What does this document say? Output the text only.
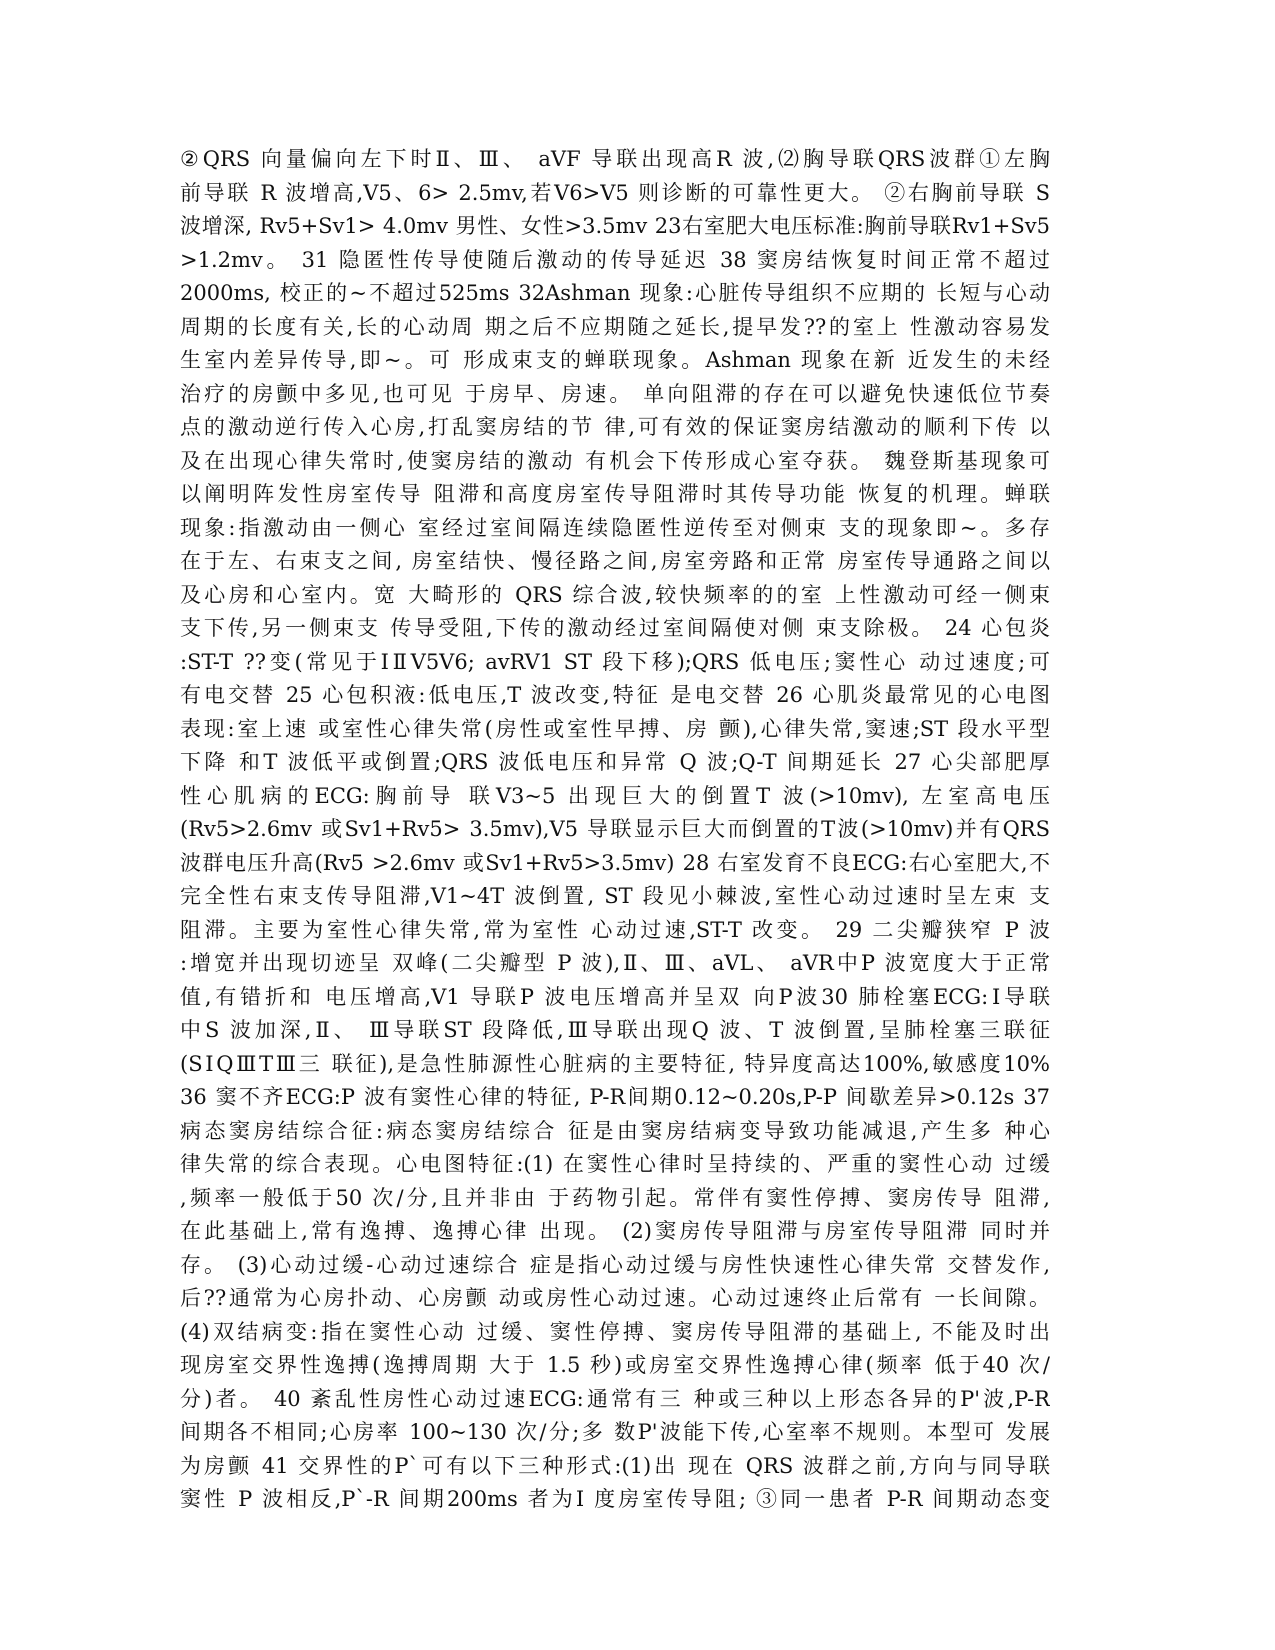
②QRS 向量偏向左下时Ⅱ、Ⅲ、 aVF 导联出现高R 波,⑵胸导联QRS波群①左胸
前导联 R 波增高,V5、6> 2.5mv,若V6>V5 则诊断的可靠性更大。 ②右胸前导联 S
波增深, Rv5+Sv1> 4.0mv 男性、女性>3.5mv 23右室肥大电压标准:胸前导联Rv1+Sv5
>1.2mv。 31 隐匿性传导使随后激动的传导延迟 38 窦房结恢复时间正常不超过
2000ms, 校正的~不超过525ms 32Ashman 现象:心脏传导组织不应期的 长短与心动
周期的长度有关,长的心动周 期之后不应期随之延长,提早发??的室上 性激动容易发
生室内差异传导,即~。可 形成束支的蝉联现象。Ashman 现象在新 近发生的未经
治疗的房颤中多见,也可见 于房早、房速。 单向阻滞的存在可以避免快速低位节奏
点的激动逆行传入心房,打乱窦房结的节 律,可有效的保证窦房结激动的顺利下传 以
及在出现心律失常时,使窦房结的激动 有机会下传形成心室夺获。 魏登斯基现象可
以阐明阵发性房室传导 阻滞和高度房室传导阻滞时其传导功能 恢复的机理。蝉联
现象:指激动由一侧心 室经过室间隔连续隐匿性逆传至对侧束 支的现象即~。多存
在于左、右束支之间, 房室结快、慢径路之间,房室旁路和正常 房室传导通路之间以
及心房和心室内。宽 大畸形的 QRS 综合波,较快频率的的室 上性激动可经一侧束
支下传,另一侧束支 传导受阻,下传的激动经过室间隔使对侧 束支除极。 24 心包炎
:ST-T ??变(常见于ⅠⅡV5V6; avRV1 ST 段下移);QRS 低电压;窦性心 动过速度;可
有电交替 25 心包积液:低电压,T 波改变,特征 是电交替 26 心肌炎最常见的心电图
表现:室上速 或室性心律失常(房性或室性早搏、房 颤),心律失常,窦速;ST 段水平型
下降 和T 波低平或倒置;QRS 波低电压和异常 Q 波;Q-T 间期延长 27 心尖部肥厚
性心肌病的ECG:胸前导 联V3~5 出现巨大的倒置T 波(>10mv), 左室高电压
(Rv5>2.6mv 或Sv1+Rv5> 3.5mv),V5 导联显示巨大而倒置的T波(>10mv)并有QRS
波群电压升高(Rv5 >2.6mv 或Sv1+Rv5>3.5mv) 28 右室发育不良ECG:右心室肥大,不
完全性右束支传导阻滞,V1~4T 波倒置, ST 段见小棘波,室性心动过速时呈左束 支
阻滞。主要为室性心律失常,常为室性 心动过速,ST-T 改变。 29 二尖瓣狭窄 P 波
:增宽并出现切迹呈 双峰(二尖瓣型 P 波),Ⅱ、Ⅲ、aVL、 aVR中P 波宽度大于正常
值,有错折和 电压增高,V1 导联P 波电压增高并呈双 向P波30 肺栓塞ECG:Ⅰ导联
中S 波加深,Ⅱ、 Ⅲ导联ST 段降低,Ⅲ导联出现Q 波、T 波倒置,呈肺栓塞三联征
(SⅠQⅢTⅢ三 联征),是急性肺源性心脏病的主要特征, 特异度高达100%,敏感度10%
36 窦不齐ECG:P 波有窦性心律的特征, P-R间期0.12~0.20s,P-P 间歇差异>0.12s 37
病态窦房结综合征:病态窦房结综合 征是由窦房结病变导致功能减退,产生多 种心
律失常的综合表现。心电图特征:(1) 在窦性心律时呈持续的、严重的窦性心动 过缓
,频率一般低于50 次/分,且并非由 于药物引起。常伴有窦性停搏、窦房传导 阻滞,
在此基础上,常有逸搏、逸搏心律 出现。 (2)窦房传导阻滞与房室传导阻滞 同时并
存。 (3)心动过缓-心动过速综合 症是指心动过缓与房性快速性心律失常 交替发作,
后??通常为心房扑动、心房颤 动或房性心动过速。心动过速终止后常有 一长间隙。
(4)双结病变:指在窦性心动 过缓、窦性停搏、窦房传导阻滞的基础上, 不能及时出
现房室交界性逸搏(逸搏周期 大于 1.5 秒)或房室交界性逸搏心律(频率 低于40 次/
分)者。 40 紊乱性房性心动过速ECG:通常有三 种或三种以上形态各异的P'波,P-R
间期各不相同;心房率 100~130 次/分;多 数P'波能下传,心室率不规则。本型可 发展
为房颤 41 交界性的P`可有以下三种形式:(1)出 现在 QRS 波群之前,方向与同导联
窦性 P 波相反,P`-R 间期200ms 者为I 度房室传导阻; ③同一患者 P-R 间期动态变
